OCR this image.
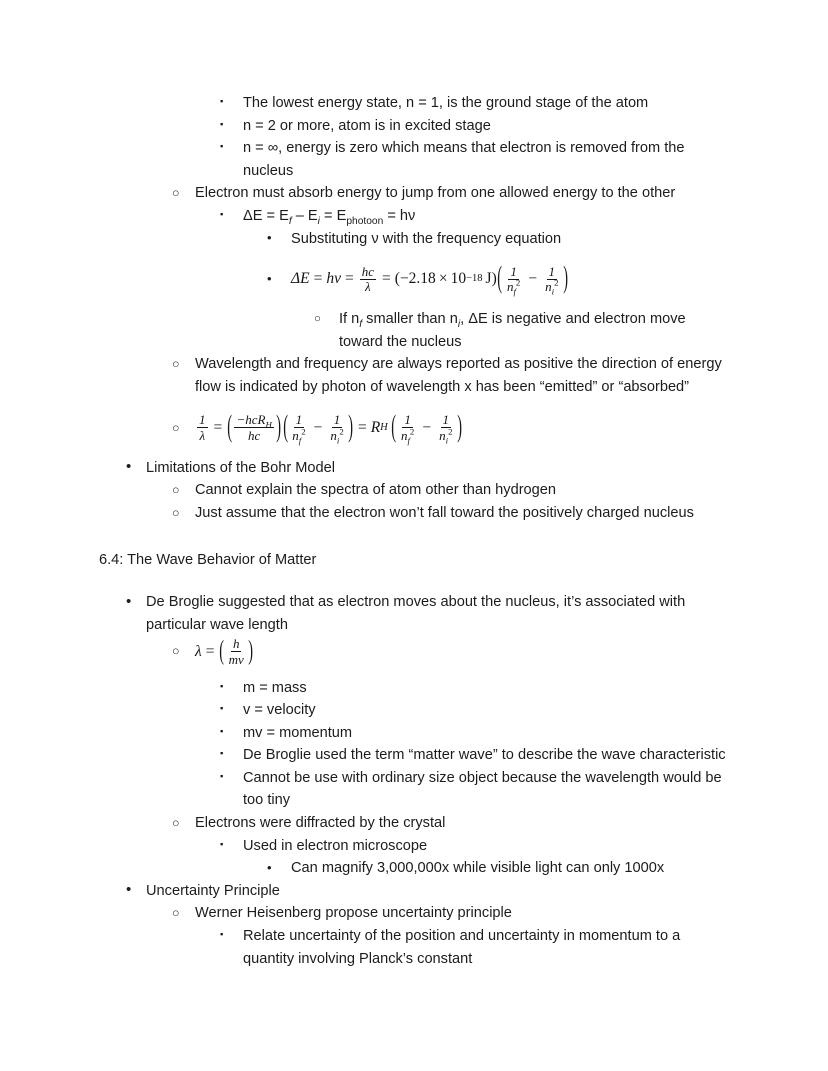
▪
The lowest energy state, n = 1, is the ground stage of the atom
▪
n = 2 or more, atom is in excited stage
▪
n = ∞, energy is zero which means that electron is removed from the nucleus
○
Electron must absorb energy to jump from one allowed energy to the other
▪
$\Delta E = E_f - E_i = E_{photoon} = h\nu$
•
Substituting ν with the frequency equation
•
$\Delta E = h\nu = \frac{hc}{\lambda}$ = ( −2.18 × 10 −18 J ) ( $\frac{1}{n_f^2} - \frac{1}{n_i^2}$ )
○
If $n_f$ smaller than $n_i$, ΔE is negative and electron move toward the nucleus
○
Wavelength and frequency are always reported as positive the direction of energy flow is indicated by photon of wavelength x has been “emitted” or “absorbed”
○
$\frac{1}{\lambda}$ = ( $\frac{-hcR_H}{hc}$ ) ( $\frac{1}{n_f^2} - \frac{1}{n_i^2}$ ) = R H ( $\frac{1}{n_f^2} - \frac{1}{n_i^2}$ )
•
Limitations of the Bohr Model
○
Cannot explain the spectra of atom other than hydrogen
○
Just assume that the electron won’t fall toward the positively charged nucleus
6.4: The Wave Behavior of Matter
•
De Broglie suggested that as electron moves about the nucleus, it’s associated with particular wave length
○
λ = ( $\frac{h}{mv}$ )
▪
m = mass
▪
v = velocity
▪
mv = momentum
▪
De Broglie used the term “matter wave” to describe the wave characteristic
▪
Cannot be use with ordinary size object because the wavelength would be too tiny
○
Electrons were diffracted by the crystal
▪
Used in electron microscope
•
Can magnify 3,000,000x while visible light can only 1000x
•
Uncertainty Principle
○
Werner Heisenberg propose uncertainty principle
▪
Relate uncertainty of the position and uncertainty in momentum to a quantity involving Planck’s constant
